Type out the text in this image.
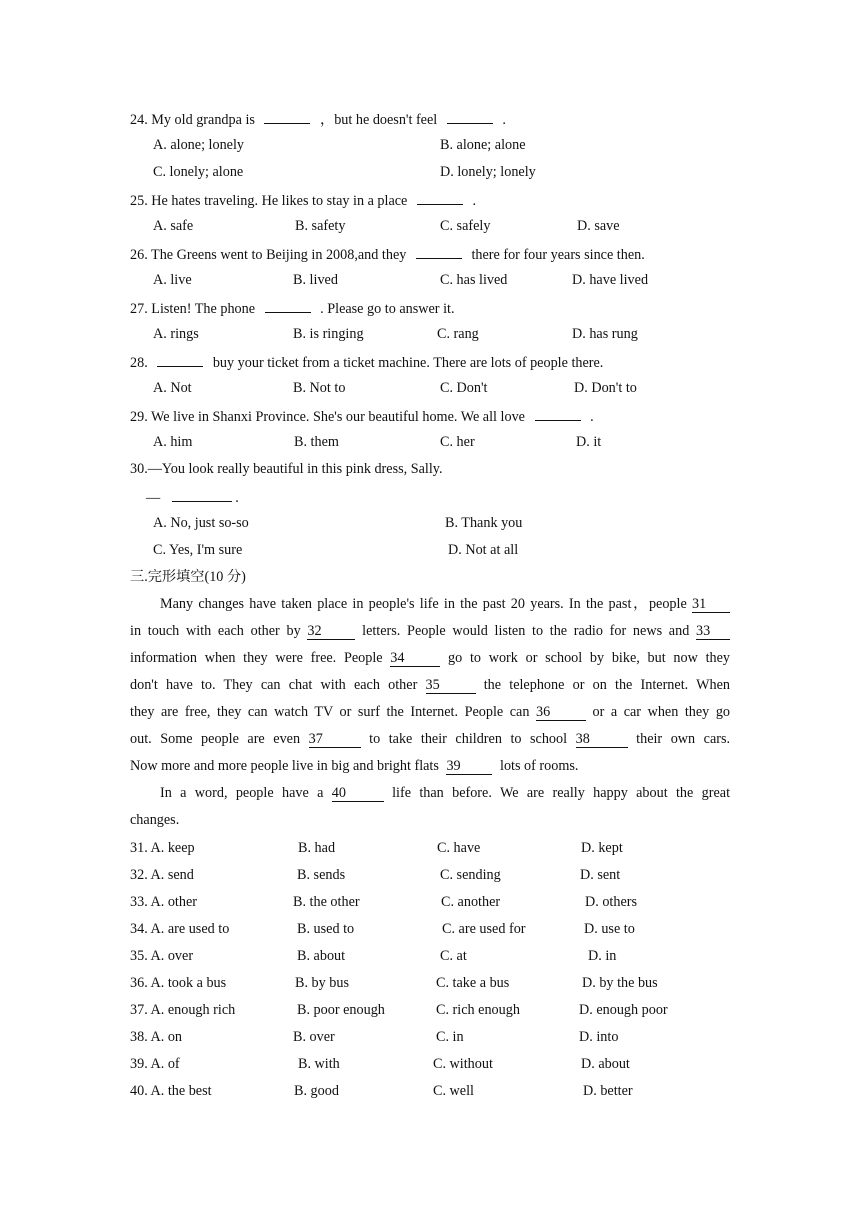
24. My old grandpa is	，but he doesn't feel	.
A. alone; lonely	B. alone; alone
C. lonely; alone	D. lonely; lonely
25. He hates traveling. He likes to stay in a place	.
A. safe	B. safety	C. safely	D. save
26. The Greens went to Beijing in 2008,and they	there for four years since then.
A. live	B. lived	C. has lived	D. have lived
27. Listen! The phone	. Please go to answer it.
A. rings	B. is ringing	C. rang	D. has rung
28.	buy your ticket from a ticket machine. There are lots of people there.
A. Not	B. Not to	C. Don't	D. Don't to
29. We live in Shanxi Province. She's our beautiful home. We all love	.
A. him	B. them	C. her	D. it
30.—You look really beautiful in this pink dress, Sally.
—	.
A. No, just so-so	B. Thank you
C. Yes, I'm sure	D. Not at all
三.完形填空(10 分)
Many changes have taken place in people's life in the past 20 years. In the past，people 31
in touch with each other by 32	letters. People would listen to the radio for news and 33
information when they were free. People 34	go to work or school by bike, but now they
don't have to. They can chat with each other 35	the telephone or on the Internet. When
they are free, they can watch TV or surf the Internet. People can 36	or a car when they go
out. Some people are even 37	to take their children to school 38	their own cars.
Now more and more people live in big and bright flats 39	lots of rooms.
In a word, people have a 40	life than before. We are really happy about the great
changes.
31. A. keep	B. had	C. have	D. kept
32. A. send	B. sends	C. sending	D. sent
33. A. other	B. the other	C. another	D. others
34. A. are used to	B. used to	C. are used for	D. use to
35. A. over	B. about	C. at	D. in
36. A. took a bus	B. by bus	C. take a bus	D. by the bus
37. A. enough rich	B. poor enough	C. rich enough	D. enough poor
38. A. on	B. over	C. in	D. into
39. A. of	B. with	C. without	D. about
40. A. the best	B. good	C. well	D. better
